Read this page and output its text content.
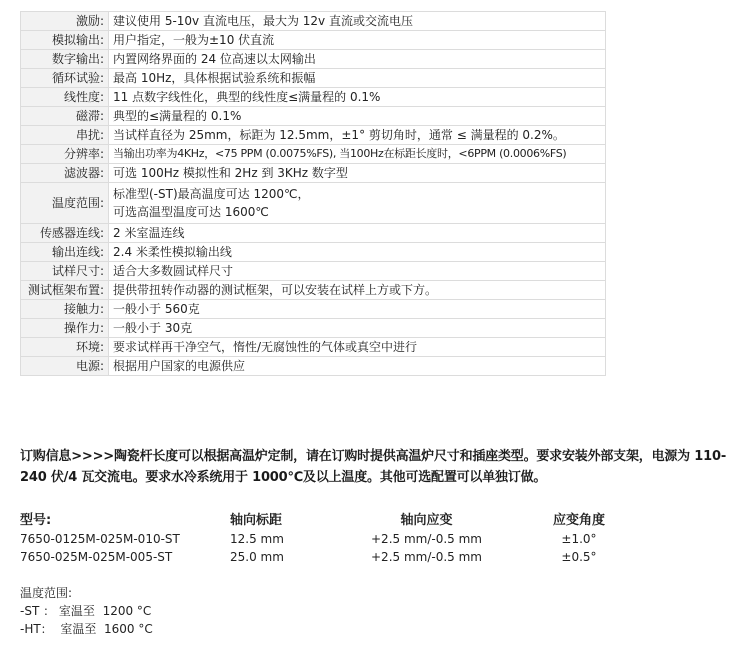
激励:	建议使用 5-10v 直流电压，最大为 12v 直流或交流电压
模拟输出:	用户指定，一般为±10 伏直流
数字输出:	内置网络界面的 24 位高速以太网输出
循环试验:	最高 10Hz，具体根据试验系统和振幅
线性度:	11 点数字线性化，典型的线性度≤满量程的 0.1%
磁滞:	典型的≤满量程的 0.1%
串扰:	当试样直径为 25mm，标距为 12.5mm，±1° 剪切角时，通常 ≤ 满量程的 0.2%。
分辨率:	当输出功率为4KHz，<75 PPM (0.0075%FS), 当100Hz在标距长度时，<6PPM (0.0006%FS)
滤波器:	可选 100Hz 模拟性和 2Hz 到 3KHz 数字型
温度范围:	标准型(-ST)最高温度可达 1200℃，
可选高温型温度可达 1600℃

传感器连线:	2 米室温连线
输出连线:	2.4 米柔性模拟输出线
试样尺寸:	适合大多数圆试样尺寸
测试框架布置:	提供带扭转作动器的测试框架，可以安装在试样上方或下方。
接触力:	一般小于 560克
操作力:	一般小于 30克
环境:	要求试样再干净空气，惰性/无腐蚀性的气体或真空中进行
电源:	根据用户国家的电源供应
订购信息>>>>陶瓷杆长度可以根据高温炉定制，请在订购时提供高温炉尺寸和插座类型。要求安装外部支架，电源为 110-240 伏/4 瓦交流电。要求水冷系统用于 1000℃及以上温度。其他可选配置可以单独订做。
型号:	轴向标距	轴向应变	应变角度
7650-0125M-025M-010-ST	12.5 mm	+2.5 mm/-0.5 mm	±1.0°
7650-025M-025M-005-ST	25.0 mm	+2.5 mm/-0.5 mm	±0.5°
温度范围:
-ST ： 室温至 1200 °C
-HT： 室温至 1600 °C
